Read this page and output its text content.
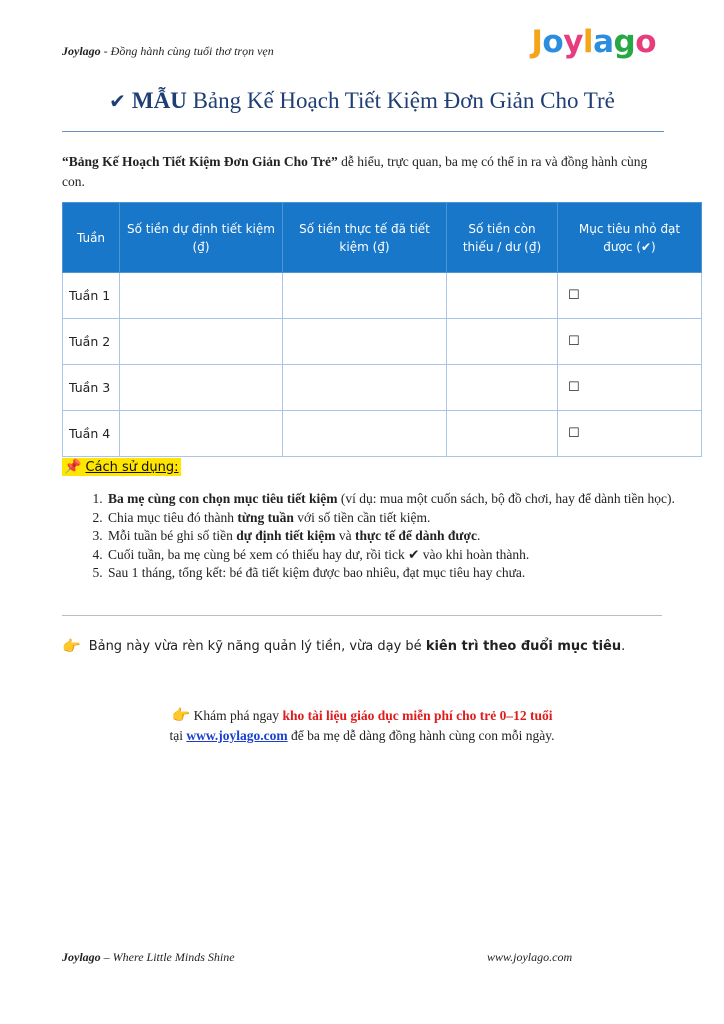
Joylago - Đồng hành cùng tuổi thơ trọn vẹn	J o y l a g o
✔ MẪU Bảng Kế Hoạch Tiết Kiệm Đơn Giản Cho Trẻ
“Bảng Kế Hoạch Tiết Kiệm Đơn Giản Cho Trẻ” dễ hiểu, trực quan, ba mẹ có thể in ra và đồng hành cùng con.
Tuần	Số tiền dự định tiết kiệm (₫)	Số tiền thực tế đã tiết kiệm (₫)	Số tiền còn thiếu / dư (₫)	Mục tiêu nhỏ đạt được (✔)
Tuần 1				☐
Tuần 2				☐
Tuần 3				☐
Tuần 4				☐
📌 Cách sử dụng:
1. Ba mẹ cùng con chọn mục tiêu tiết kiệm (ví dụ: mua một cuốn sách, bộ đồ chơi, hay để dành tiền học).
2. Chia mục tiêu đó thành từng tuần với số tiền cần tiết kiệm.
3. Mỗi tuần bé ghi số tiền dự định tiết kiệm và thực tế để dành được.
4. Cuối tuần, ba mẹ cùng bé xem có thiếu hay dư, rồi tick ✔ vào khi hoàn thành.
5. Sau 1 tháng, tổng kết: bé đã tiết kiệm được bao nhiêu, đạt mục tiêu hay chưa.
👉 Bảng này vừa rèn kỹ năng quản lý tiền, vừa dạy bé kiên trì theo đuổi mục tiêu.
👉 Khám phá ngay kho tài liệu giáo dục miễn phí cho trẻ 0–12 tuổi
tại www.joylago.com để ba mẹ dễ dàng đồng hành cùng con mỗi ngày.
Joylago – Where Little Minds Shine	www.joylago.com
